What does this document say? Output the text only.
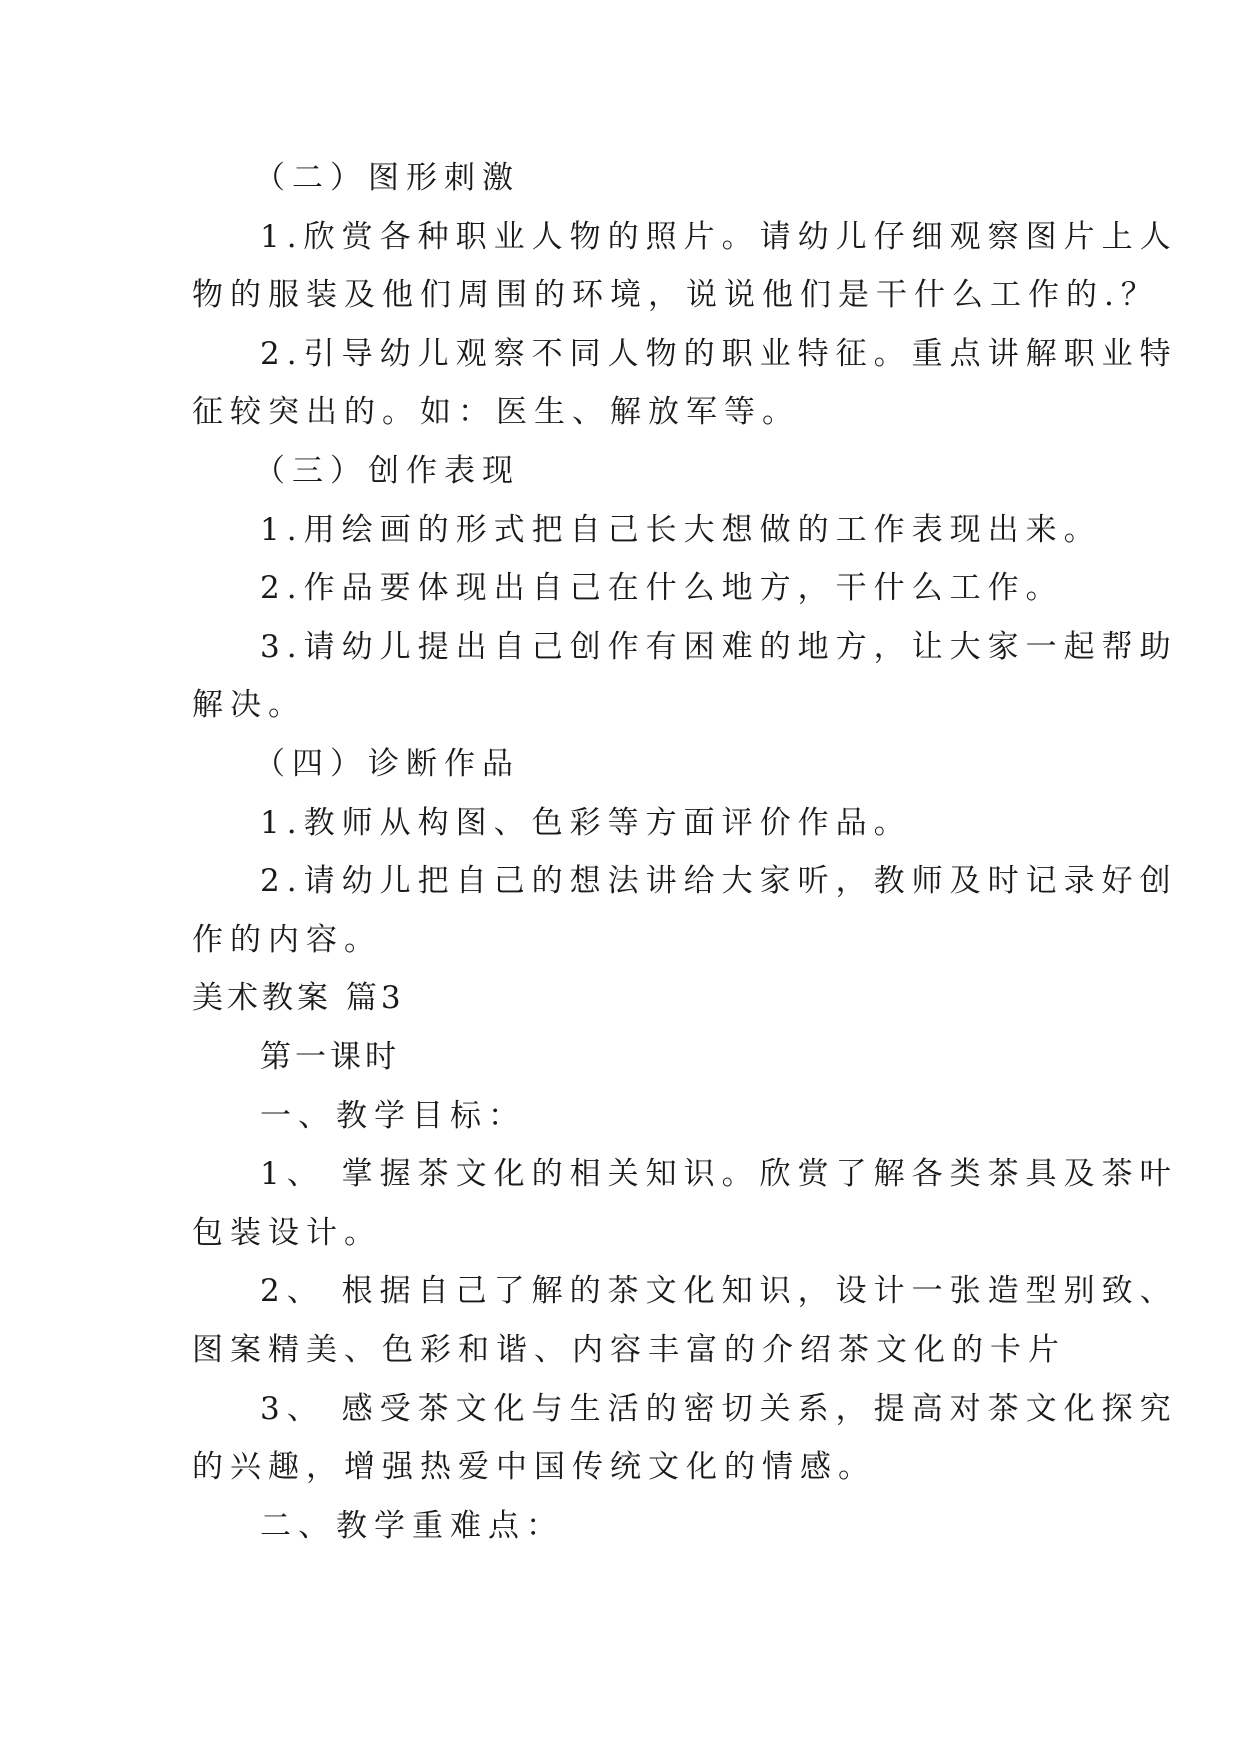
（二）图形刺激
1.欣赏各种职业人物的照片。请幼儿仔细观察图片上人
物的服装及他们周围的环境，说说他们是干什么工作的.？
2.引导幼儿观察不同人物的职业特征。重点讲解职业特
征较突出的。如：医生、解放军等。
（三）创作表现
1.用绘画的形式把自己长大想做的工作表现出来。
2.作品要体现出自己在什么地方，干什么工作。
3.请幼儿提出自己创作有困难的地方，让大家一起帮助
解决。
（四）诊断作品
1.教师从构图、色彩等方面评价作品。
2.请幼儿把自己的想法讲给大家听，教师及时记录好创
作的内容。
美术教案 篇3
第一课时
一、教学目标：
1、 掌握茶文化的相关知识。欣赏了解各类茶具及茶叶
包装设计。
2、 根据自己了解的茶文化知识，设计一张造型别致、
图案精美、色彩和谐、内容丰富的介绍茶文化的卡片
3、 感受茶文化与生活的密切关系，提高对茶文化探究
的兴趣，增强热爱中国传统文化的情感。
二、教学重难点：
